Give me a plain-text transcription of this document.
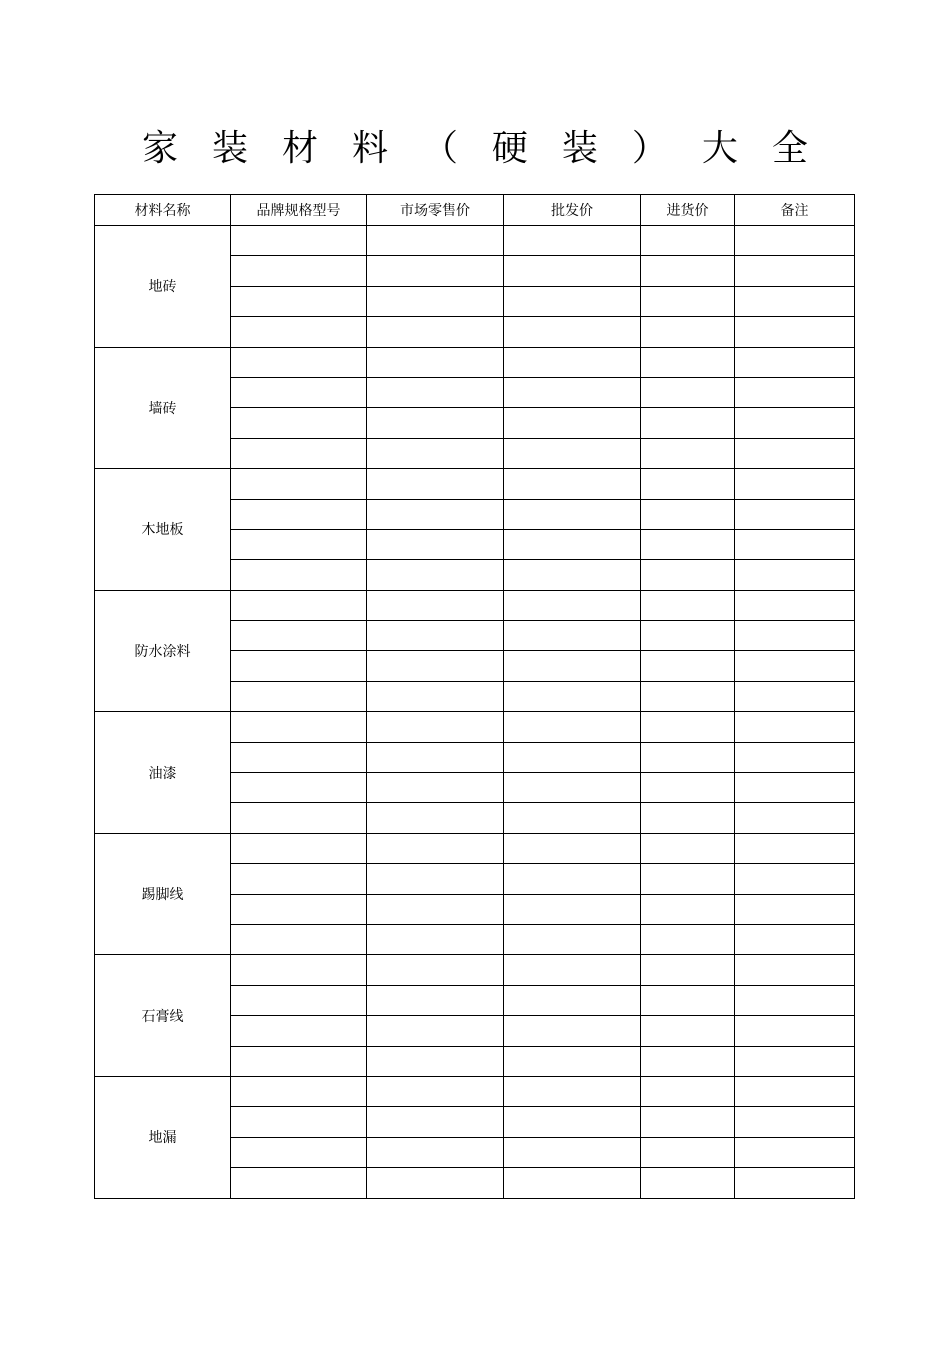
家 装 材 料 （ 硬 装 ） 大 全
材料名称	品牌规格型号	市场零售价	批发价	进货价	备注
地砖					

墙砖					

木地板					

防水涂料					

油漆					

踢脚线					

石膏线					

地漏					
